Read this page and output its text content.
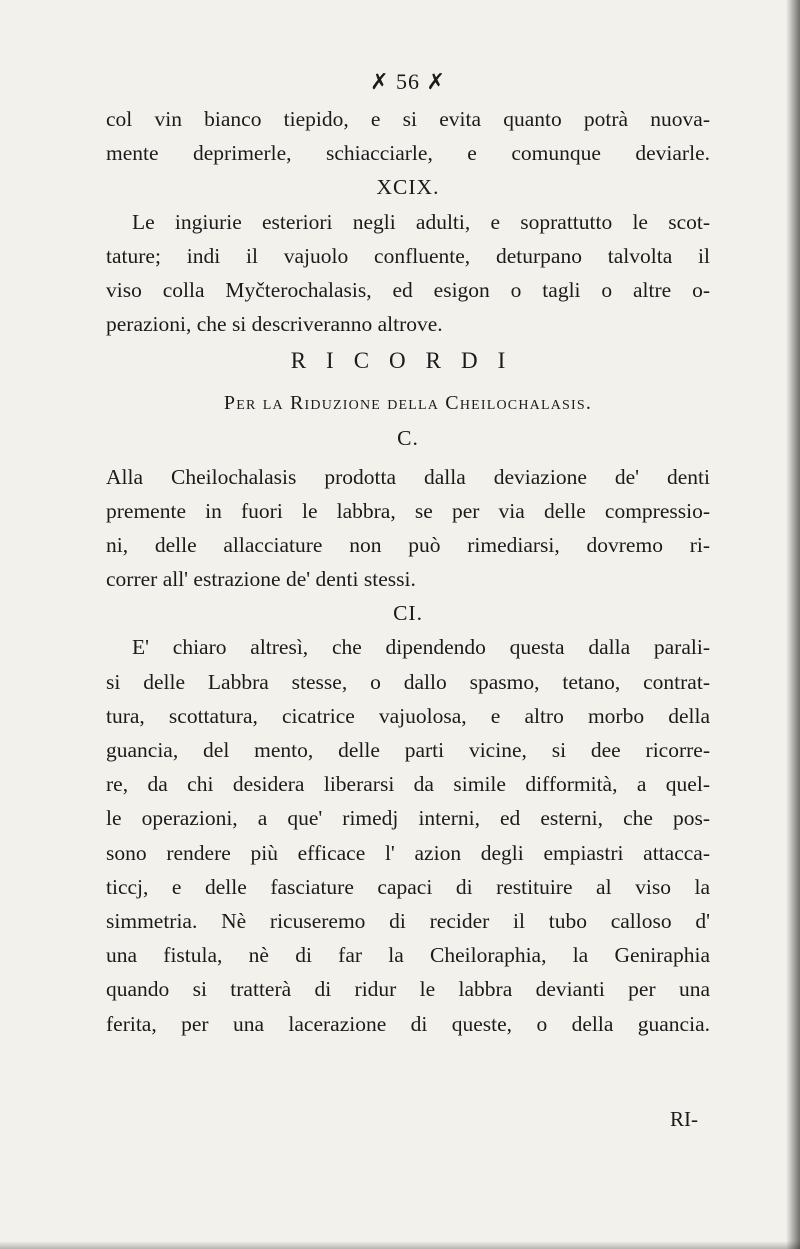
✗ 56 ✗
col vin bianco tiepido, e si evita quanto potrà nuova-
mente deprimerle, schiacciarle, e comunque deviarle.
XCIX.
Le ingiurie esteriori negli adulti, e soprattutto le scot-
tature; indi il vajuolo confluente, deturpano talvolta il
viso colla Myčterochalasis, ed esigon o tagli o altre o-
perazioni, che si descriveranno altrove.
RICORDI
Per la Riduzione della Cheilochalasis.
C.
Alla Cheilochalasis prodotta dalla deviazione de' denti
premente in fuori le labbra, se per via delle compressio-
ni, delle allacciature non può rimediarsi, dovremo ri-
correr all' estrazione de' denti stessi.
CI.
E' chiaro altresì, che dipendendo questa dalla parali-
si delle Labbra stesse, o dallo spasmo, tetano, contrat-
tura, scottatura, cicatrice vajuolosa, e altro morbo della
guancia, del mento, delle parti vicine, si dee ricorre-
re, da chi desidera liberarsi da simile difformità, a quel-
le operazioni, a que' rimedj interni, ed esterni, che pos-
sono rendere più efficace l' azion degli empiastri attacca-
ticcj, e delle fasciature capaci di restituire al viso la
simmetria. Nè ricuseremo di recider il tubo calloso d'
una fistula, nè di far la Cheiloraphia, la Geniraphia
quando si tratterà di ridur le labbra devianti per una
ferita, per una lacerazione di queste, o della guancia.
RI-
